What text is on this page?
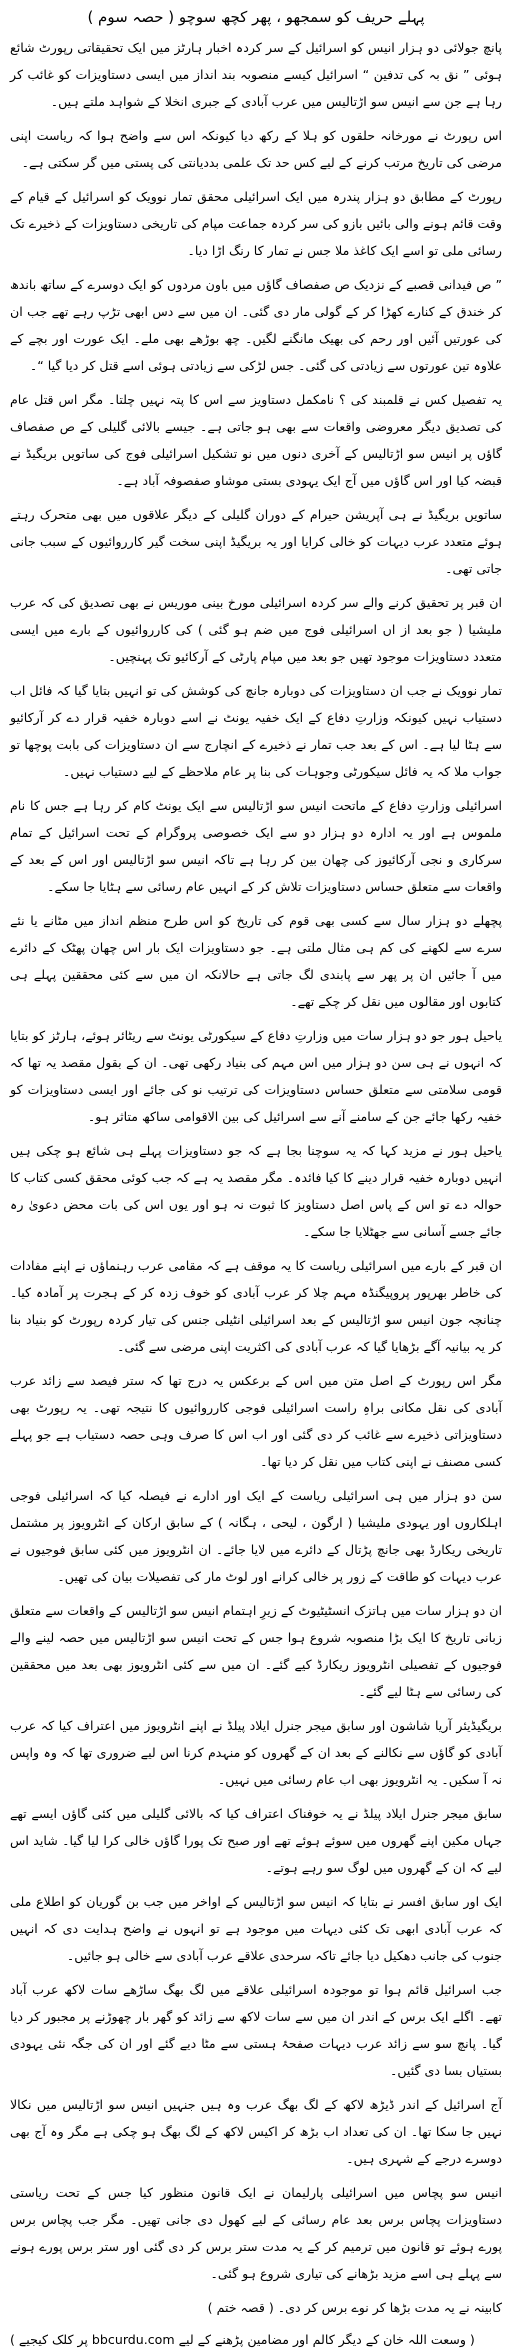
پہلے حریف کو سمجھو ، پھر کچھ سوچو ( حصہ سوم )

پانچ جولائی دو ہزار انیس کو اسرائیل کے سر کردہ اخبار ہارٹز میں ایک تحقیقاتی رپورٹ شائع ہوئی ” نق بہ کی تدفین “ اسرائیل کیسے منصوبہ بند انداز میں ایسی دستاویزات کو غائب کر رہا ہے جن سے انیس سو اڑتالیس میں عرب آبادی کے جبری انخلا کے شواہد ملتے ہیں۔

اس رپورٹ نے مورخانہ حلقوں کو ہلا کے رکھ دیا کیونکہ اس سے واضح ہوا کہ ریاست اپنی مرضی کی تاریخ مرتب کرنے کے لیے کس حد تک علمی بددیانتی کی پستی میں گر سکتی ہے۔

رپورٹ کے مطابق دو ہزار پندرہ میں ایک اسرائیلی محقق تمار نوویک کو اسرائیل کے قیام کے وقت قائم ہونے والی بائیں بازو کی سر کردہ جماعت مپام کی تاریخی دستاویزات کے ذخیرے تک رسائی ملی تو اسے ایک کاغذ ملا جس نے تمار کا رنگ اڑا دیا۔

” ص فیدانی قصبے کے نزدیک ص صفصاف گاؤں میں باون مردوں کو ایک دوسرے کے ساتھ باندھ کر خندق کے کنارے کھڑا کر کے گولی مار دی گئی۔ ان میں سے دس ابھی تڑپ رہے تھے جب ان کی عورتیں آئیں اور رحم کی بھیک مانگنے لگیں۔ چھ بوڑھے بھی ملے۔ ایک عورت اور بچے کے علاوہ تین عورتوں سے زیادتی کی گئی۔ جس لڑکی سے زیادتی ہوئی اسے قتل کر دیا گیا “۔

یہ تفصیل کس نے قلمبند کی ؟ نامکمل دستاویز سے اس کا پتہ نہیں چلتا۔ مگر اس قتل عام کی تصدیق دیگر معروضی واقعات سے بھی ہو جاتی ہے۔ جیسے بالائی گلیلی کے ص صفصاف گاؤں پر انیس سو اڑتالیس کے آخری دنوں میں نو تشکیل اسرائیلی فوج کی ساتویں بریگیڈ نے قبضہ کیا اور اس گاؤں میں آج ایک یہودی بستی موشاو صفصوفہ آباد ہے۔

ساتویں بریگیڈ نے ہی آپریشن حیرام کے دوران گلیلی کے دیگر علاقوں میں بھی متحرک رہتے ہوئے متعدد عرب دیہات کو خالی کرایا اور یہ بریگیڈ اپنی سخت گیر کارروائیوں کے سبب جانی جاتی تھی۔

ان قبر پر تحقیق کرنے والے سر کردہ اسرائیلی مورخ بینی موریس نے بھی تصدیق کی کہ عرب ملیشیا ( جو بعد از اں اسرائیلی فوج میں ضم ہو گئی ) کی کارروائیوں کے بارے میں ایسی متعدد دستاویزات موجود تھیں جو بعد میں مپام پارٹی کے آرکائیو تک پہنچیں۔

تمار نوویک نے جب ان دستاویزات کی دوبارہ جانچ کی کوشش کی تو انہیں بتایا گیا کہ فائل اب دستیاب نہیں کیونکہ وزارتِ دفاع کے ایک خفیہ یونٹ نے اسے دوبارہ خفیہ قرار دے کر آرکائیو سے ہٹا لیا ہے۔ اس کے بعد جب تمار نے ذخیرے کے انچارج سے ان دستاویزات کی بابت پوچھا تو جواب ملا کہ یہ فائل سیکورٹی وجوہات کی بنا پر عام ملاحظے کے لیے دستیاب نہیں۔

اسرائیلی وزارتِ دفاع کے ماتحت انیس سو اڑتالیس سے ایک یونٹ کام کر رہا ہے جس کا نام ملموس ہے اور یہ ادارہ دو ہزار دو سے ایک خصوصی پروگرام کے تحت اسرائیل کے تمام سرکاری و نجی آرکائیوز کی چھان بین کر رہا ہے تاکہ انیس سو اڑتالیس اور اس کے بعد کے واقعات سے متعلق حساس دستاویزات تلاش کر کے انہیں عام رسائی سے ہٹایا جا سکے۔

پچھلے دو ہزار سال سے کسی بھی قوم کی تاریخ کو اس طرح منظم انداز میں مٹانے یا نئے سرے سے لکھنے کی کم ہی مثال ملتی ہے۔ جو دستاویزات ایک بار اس چھان پھٹک کے دائرے میں آ جائیں ان پر پھر سے پابندی لگ جاتی ہے حالانکہ ان میں سے کئی محققین پہلے ہی کتابوں اور مقالوں میں نقل کر چکے تھے۔

یاحیل ہور جو دو ہزار سات میں وزارتِ دفاع کے سیکورٹی یونٹ سے ریٹائر ہوئے، ہارٹز کو بتایا کہ انہوں نے ہی سن دو ہزار میں اس مہم کی بنیاد رکھی تھی۔ ان کے بقول مقصد یہ تھا کہ قومی سلامتی سے متعلق حساس دستاویزات کی ترتیب نو کی جائے اور ایسی دستاویزات کو خفیہ رکھا جائے جن کے سامنے آنے سے اسرائیل کی بین الاقوامی ساکھ متاثر ہو۔

یاحیل ہور نے مزید کہا کہ یہ سوچنا بجا ہے کہ جو دستاویزات پہلے ہی شائع ہو چکی ہیں انہیں دوبارہ خفیہ قرار دینے کا کیا فائدہ۔ مگر مقصد یہ ہے کہ جب کوئی محقق کسی کتاب کا حوالہ دے تو اس کے پاس اصل دستاویز کا ثبوت نہ ہو اور یوں اس کی بات محض دعویٰ رہ جائے جسے آسانی سے جھٹلایا جا سکے۔

ان قبر کے بارے میں اسرائیلی ریاست کا یہ موقف ہے کہ مقامی عرب رہنماؤں نے اپنے مفادات کی خاطر بھرپور پروپیگنڈہ مہم چلا کر عرب آبادی کو خوف زدہ کر کے ہجرت پر آمادہ کیا۔ چنانچہ جون انیس سو اڑتالیس کے بعد اسرائیلی انٹیلی جنس کی تیار کردہ رپورٹ کو بنیاد بنا کر یہ بیانیہ آگے بڑھایا گیا کہ عرب آبادی کی اکثریت اپنی مرضی سے گئی۔

مگر اس رپورٹ کے اصل متن میں اس کے برعکس یہ درج تھا کہ ستر فیصد سے زائد عرب آبادی کی نقل مکانی براہِ راست اسرائیلی فوجی کارروائیوں کا نتیجہ تھی۔ یہ رپورٹ بھی دستاویزاتی ذخیرے سے غائب کر دی گئی اور اب اس کا صرف وہی حصہ دستیاب ہے جو پہلے کسی مصنف نے اپنی کتاب میں نقل کر دیا تھا۔

سن دو ہزار میں ہی اسرائیلی ریاست کے ایک اور ادارے نے فیصلہ کیا کہ اسرائیلی فوجی اہلکاروں اور یہودی ملیشیا ( ارگون ، لیحی ، ہگانہ ) کے سابق ارکان کے انٹرویوز پر مشتمل تاریخی ریکارڈ بھی جانچ پڑتال کے دائرے میں لایا جائے۔ ان انٹرویوز میں کئی سابق فوجیوں نے عرب دیہات کو طاقت کے زور پر خالی کرانے اور لوٹ مار کی تفصیلات بیان کی تھیں۔

ان دو ہزار سات میں ہاتزک انسٹیٹیوٹ کے زیرِ اہتمام انیس سو اڑتالیس کے واقعات سے متعلق زبانی تاریخ کا ایک بڑا منصوبہ شروع ہوا جس کے تحت انیس سو اڑتالیس میں حصہ لینے والے فوجیوں کے تفصیلی انٹرویوز ریکارڈ کیے گئے۔ ان میں سے کئی انٹرویوز بھی بعد میں محققین کی رسائی سے ہٹا لیے گئے۔

بریگیڈیئر آریا شاشون اور سابق میجر جنرل ایلاد پیلڈ نے اپنے انٹرویوز میں اعتراف کیا کہ عرب آبادی کو گاؤں سے نکالنے کے بعد ان کے گھروں کو منہدم کرنا اس لیے ضروری تھا کہ وہ واپس نہ آ سکیں۔ یہ انٹرویوز بھی اب عام رسائی میں نہیں۔

سابق میجر جنرل ایلاد پیلڈ نے یہ خوفناک اعتراف کیا کہ بالائی گلیلی میں کئی گاؤں ایسے تھے جہاں مکین اپنے گھروں میں سوئے ہوئے تھے اور صبح تک پورا گاؤں خالی کرا لیا گیا۔ شاید اس لیے کہ ان کے گھروں میں لوگ سو رہے ہوتے۔

ایک اور سابق افسر نے بتایا کہ انیس سو اڑتالیس کے اواخر میں جب بن گوریان کو اطلاع ملی کہ عرب آبادی ابھی تک کئی دیہات میں موجود ہے تو انہوں نے واضح ہدایت دی کہ انہیں جنوب کی جانب دھکیل دیا جائے تاکہ سرحدی علاقے عرب آبادی سے خالی ہو جائیں۔

جب اسرائیل قائم ہوا تو موجودہ اسرائیلی علاقے میں لگ بھگ ساڑھے سات لاکھ عرب آباد تھے۔ اگلے ایک برس کے اندر ان میں سے سات لاکھ سے زائد کو گھر بار چھوڑنے پر مجبور کر دیا گیا۔ پانچ سو سے زائد عرب دیہات صفحۂ ہستی سے مٹا دیے گئے اور ان کی جگہ نئی یہودی بستیاں بسا دی گئیں۔

آج اسرائیل کے اندر ڈیڑھ لاکھ کے لگ بھگ عرب وہ ہیں جنہیں انیس سو اڑتالیس میں نکالا نہیں جا سکا تھا۔ ان کی تعداد اب بڑھ کر اکیس لاکھ کے لگ بھگ ہو چکی ہے مگر وہ آج بھی دوسرے درجے کے شہری ہیں۔

انیس سو پچاس میں اسرائیلی پارلیمان نے ایک قانون منظور کیا جس کے تحت ریاستی دستاویزات پچاس برس بعد عام رسائی کے لیے کھول دی جانی تھیں۔ مگر جب پچاس برس پورے ہوئے تو قانون میں ترمیم کر کے یہ مدت ستر برس کر دی گئی اور ستر برس پورے ہونے سے پہلے ہی اسے مزید بڑھانے کی تیاری شروع ہو گئی۔

کابینہ نے یہ مدت بڑھا کر نوے برس کر دی۔ ( قصہ ختم )

( وسعت اللہ خان کے دیگر کالم اور مضامین پڑھنے کے لیے bbcurdu.com پر کلک کیجیے )
